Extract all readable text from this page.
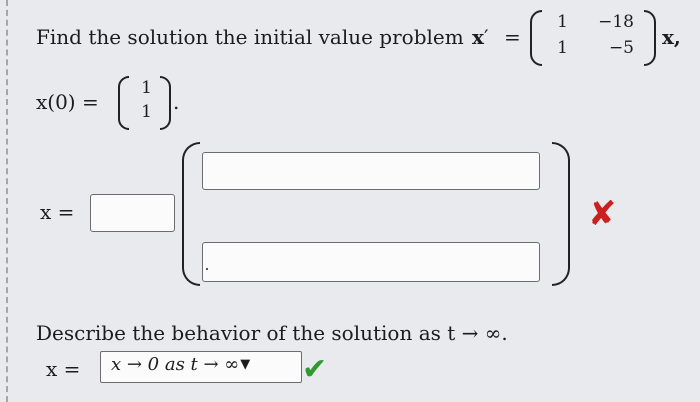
Find the solution the initial value problem x′ =
1	−18
1	−5 x,
x(0) =
1
1 .
x =	✘
Describe the behavior of the solution as t → ∞.
x =	x → 0 as t → ∞▼	✔
